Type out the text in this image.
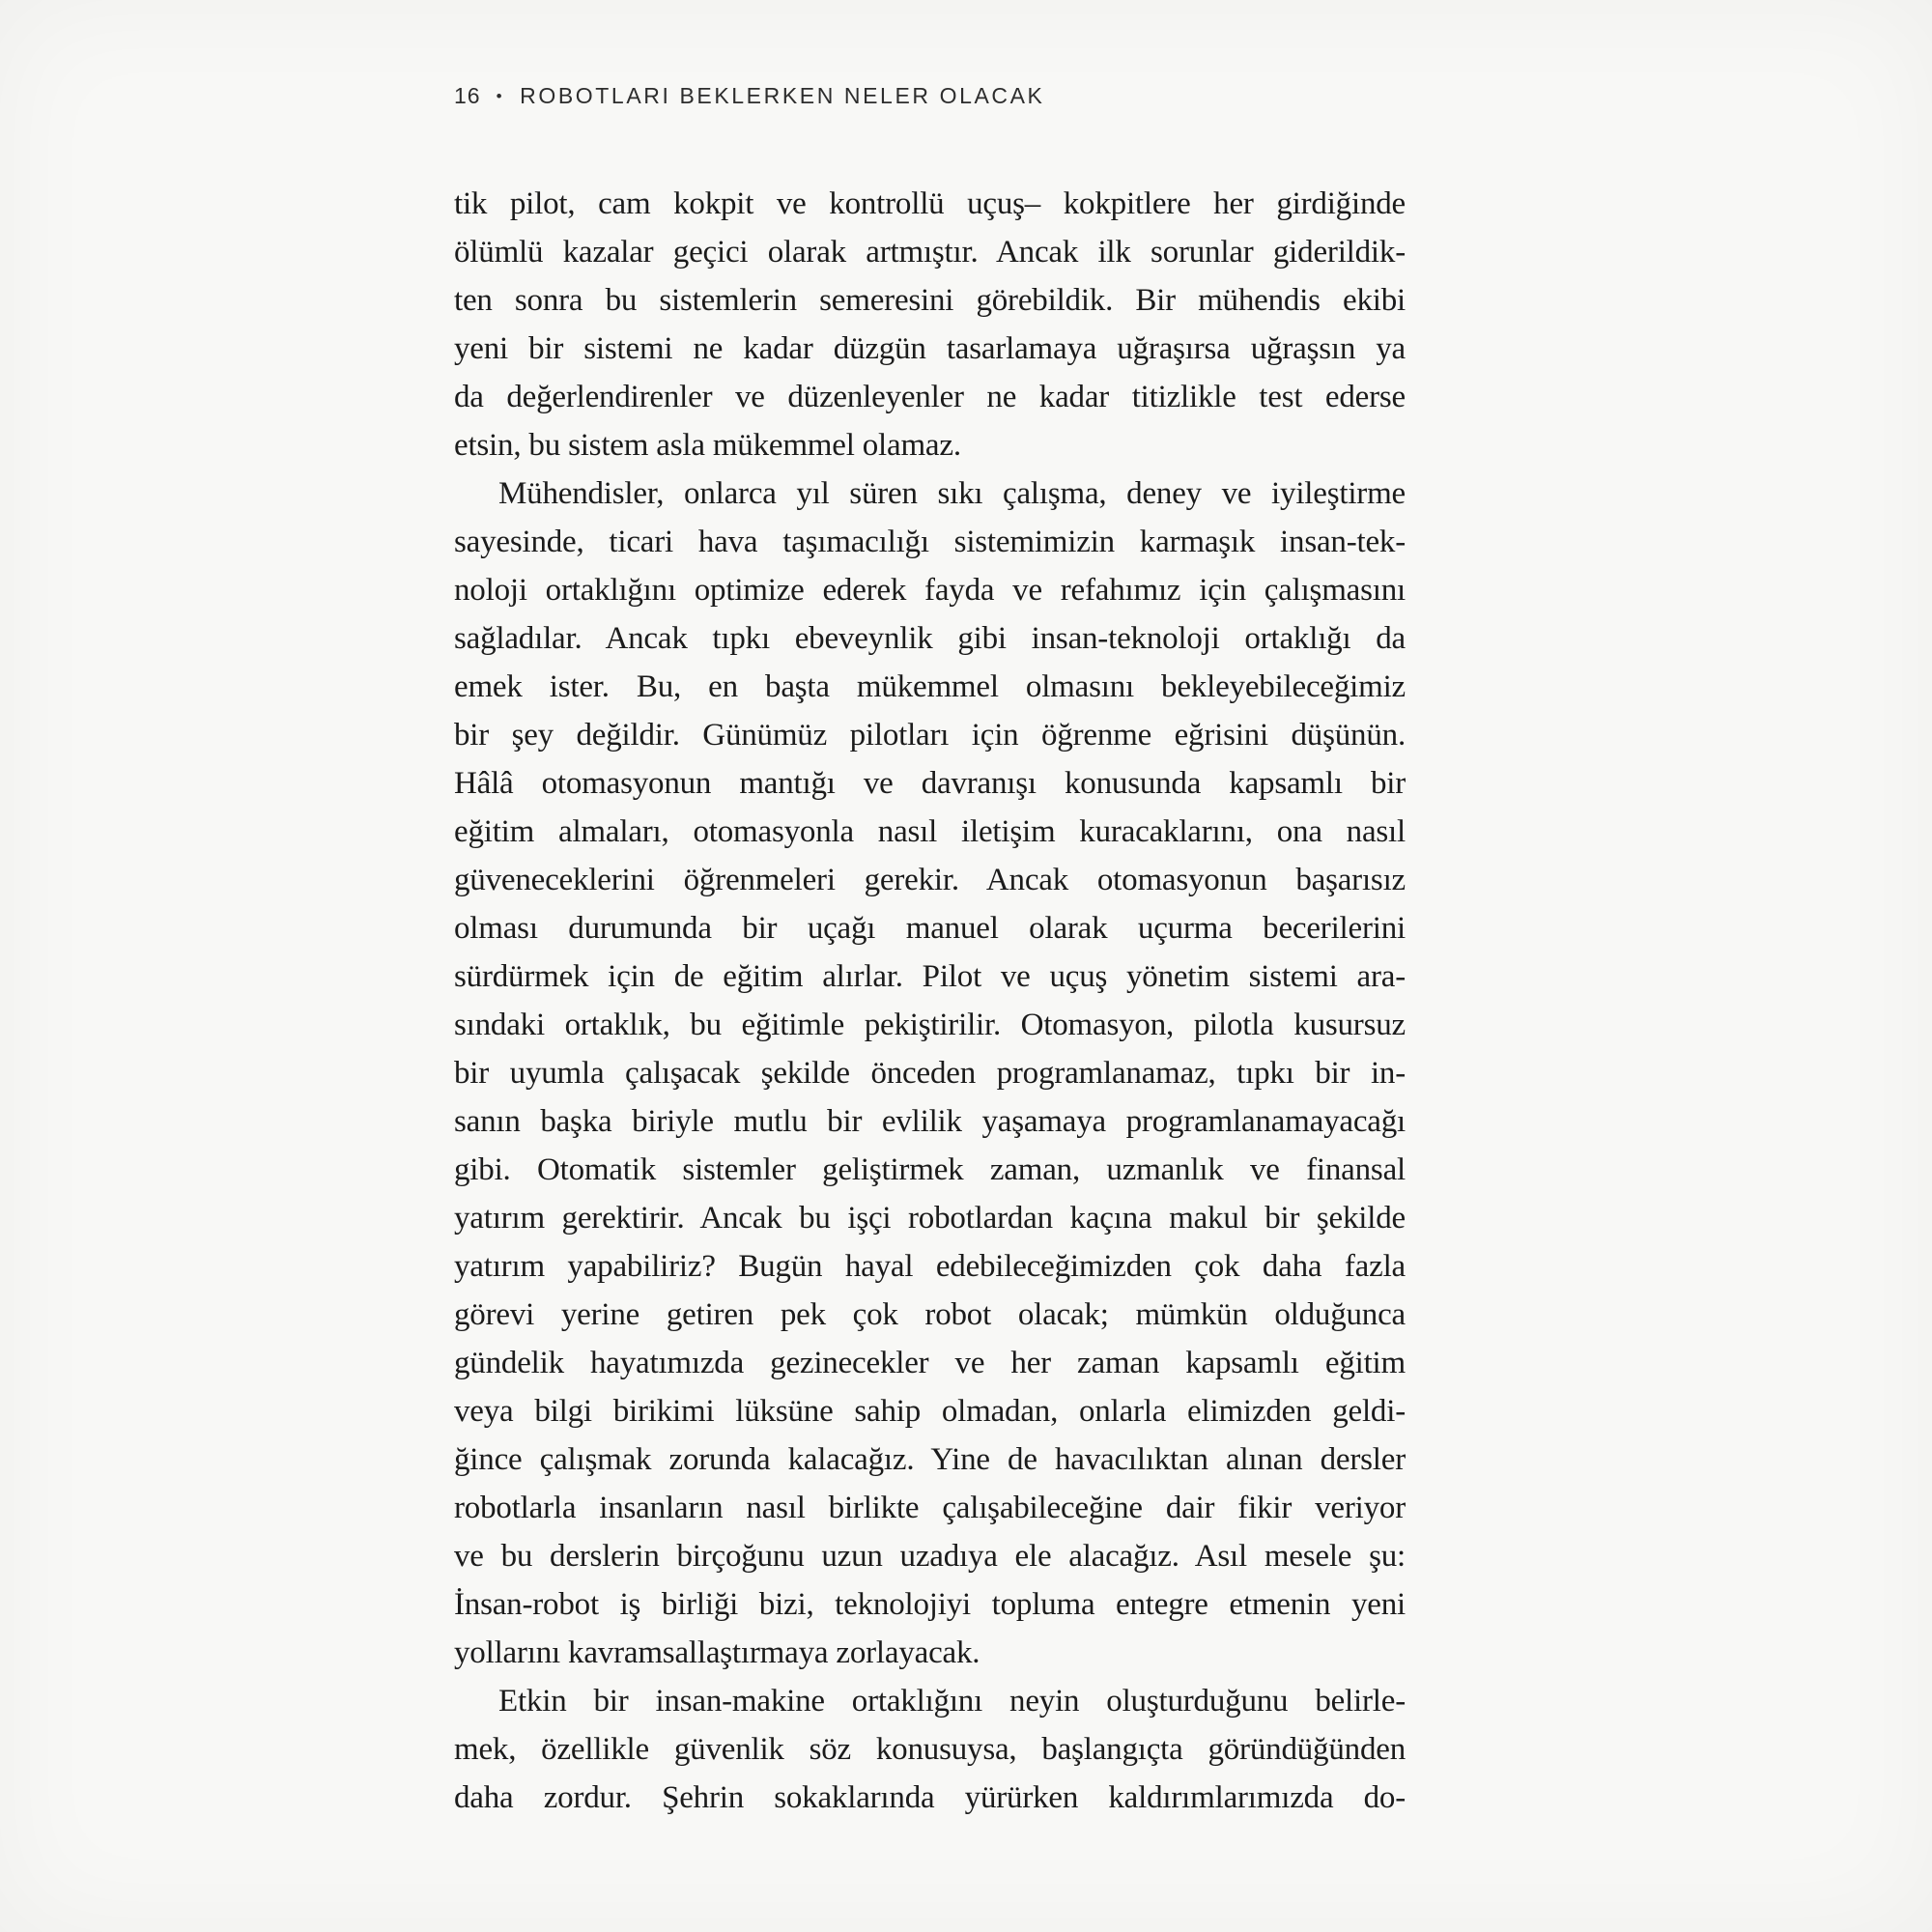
16 • ROBOTLARI BEKLERKEN NELER OLACAK
tik pilot, cam kokpit ve kontrollü uçuş– kokpitlere her girdiğinde
ölümlü kazalar geçici olarak artmıştır. Ancak ilk sorunlar giderildik-
ten sonra bu sistemlerin semeresini görebildik. Bir mühendis ekibi
yeni bir sistemi ne kadar düzgün tasarlamaya uğraşırsa uğraşsın ya
da değerlendirenler ve düzenleyenler ne kadar titizlikle test ederse
etsin, bu sistem asla mükemmel olamaz.
Mühendisler, onlarca yıl süren sıkı çalışma, deney ve iyileştirme
sayesinde, ticari hava taşımacılığı sistemimizin karmaşık insan-tek-
noloji ortaklığını optimize ederek fayda ve refahımız için çalışmasını
sağladılar. Ancak tıpkı ebeveynlik gibi insan-teknoloji ortaklığı da
emek ister. Bu, en başta mükemmel olmasını bekleyebileceğimiz
bir şey değildir. Günümüz pilotları için öğrenme eğrisini düşünün.
Hâlâ otomasyonun mantığı ve davranışı konusunda kapsamlı bir
eğitim almaları, otomasyonla nasıl iletişim kuracaklarını, ona nasıl
güveneceklerini öğrenmeleri gerekir. Ancak otomasyonun başarısız
olması durumunda bir uçağı manuel olarak uçurma becerilerini
sürdürmek için de eğitim alırlar. Pilot ve uçuş yönetim sistemi ara-
sındaki ortaklık, bu eğitimle pekiştirilir. Otomasyon, pilotla kusursuz
bir uyumla çalışacak şekilde önceden programlanamaz, tıpkı bir in-
sanın başka biriyle mutlu bir evlilik yaşamaya programlanamayacağı
gibi. Otomatik sistemler geliştirmek zaman, uzmanlık ve finansal
yatırım gerektirir. Ancak bu işçi robotlardan kaçına makul bir şekilde
yatırım yapabiliriz? Bugün hayal edebileceğimizden çok daha fazla
görevi yerine getiren pek çok robot olacak; mümkün olduğunca
gündelik hayatımızda gezinecekler ve her zaman kapsamlı eğitim
veya bilgi birikimi lüksüne sahip olmadan, onlarla elimizden geldi-
ğince çalışmak zorunda kalacağız. Yine de havacılıktan alınan dersler
robotlarla insanların nasıl birlikte çalışabileceğine dair fikir veriyor
ve bu derslerin birçoğunu uzun uzadıya ele alacağız. Asıl mesele şu:
İnsan-robot iş birliği bizi, teknolojiyi topluma entegre etmenin yeni
yollarını kavramsallaştırmaya zorlayacak.
Etkin bir insan-makine ortaklığını neyin oluşturduğunu belirle-
mek, özellikle güvenlik söz konusuysa, başlangıçta göründüğünden
daha zordur. Şehrin sokaklarında yürürken kaldırımlarımızda do-
